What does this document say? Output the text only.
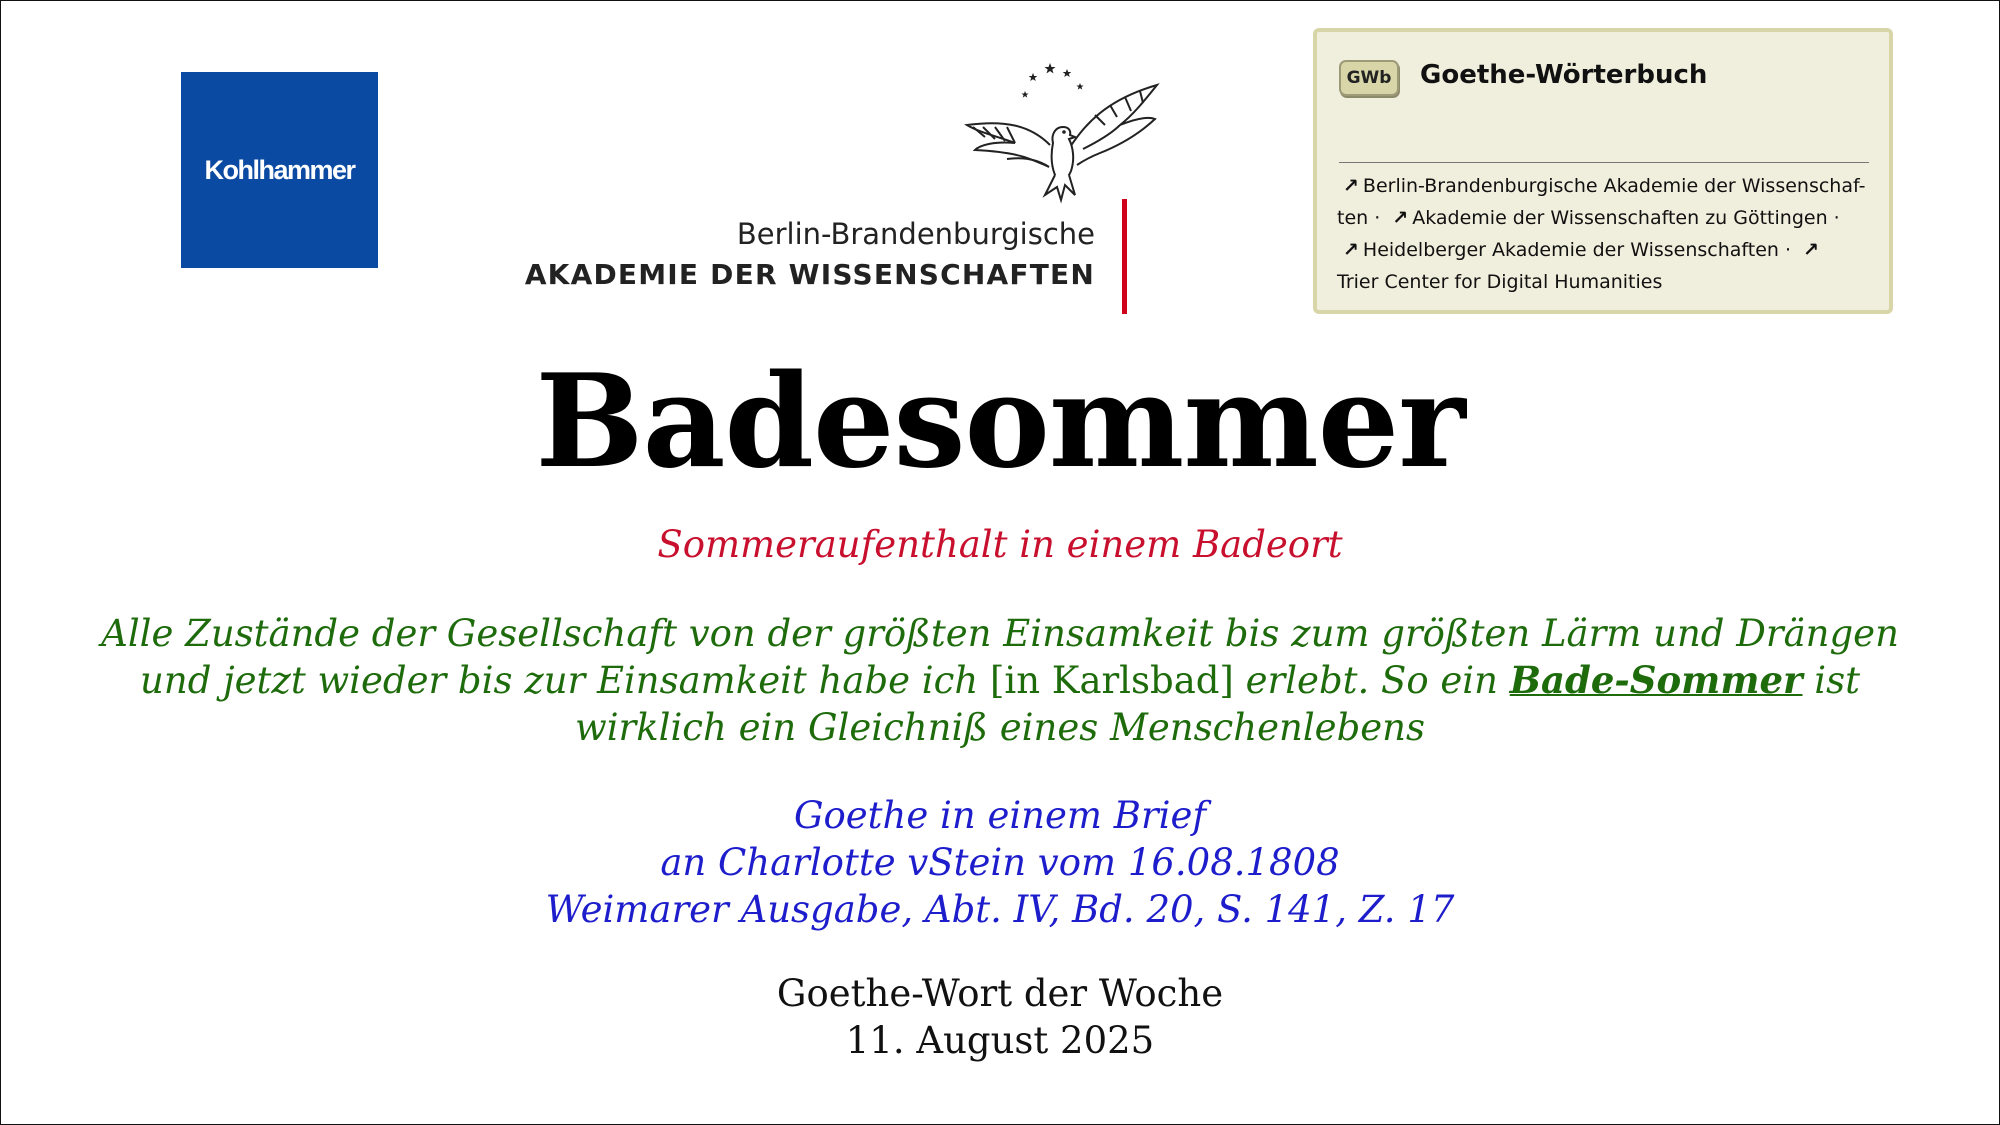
Kohlhammer
Berlin-Brandenburgische
AKADEMIE DER WISSENSCHAFTEN
GWb Goethe-Wörterbuch
↗ Berlin-Brandenburgische Akademie der Wissenschaf-
ten · ↗ Akademie der Wissenschaften zu Göttingen ·
↗ Heidelberger Akademie der Wissenschaften · ↗
Trier Center for Digital Humanities
Badesommer
Sommeraufenthalt in einem Badeort
Alle Zustände der Gesellschaft von der größten Einsamkeit bis zum größten Lärm und Drängen
und jetzt wieder bis zur Einsamkeit habe ich [in Karlsbad] erlebt. So ein Bade-Sommer ist
wirklich ein Gleichniß eines Menschenlebens
Goethe in einem Brief
an Charlotte vStein vom 16.08.1808
Weimarer Ausgabe, Abt. IV, Bd. 20, S. 141, Z. 17
Goethe-Wort der Woche
11. August 2025
